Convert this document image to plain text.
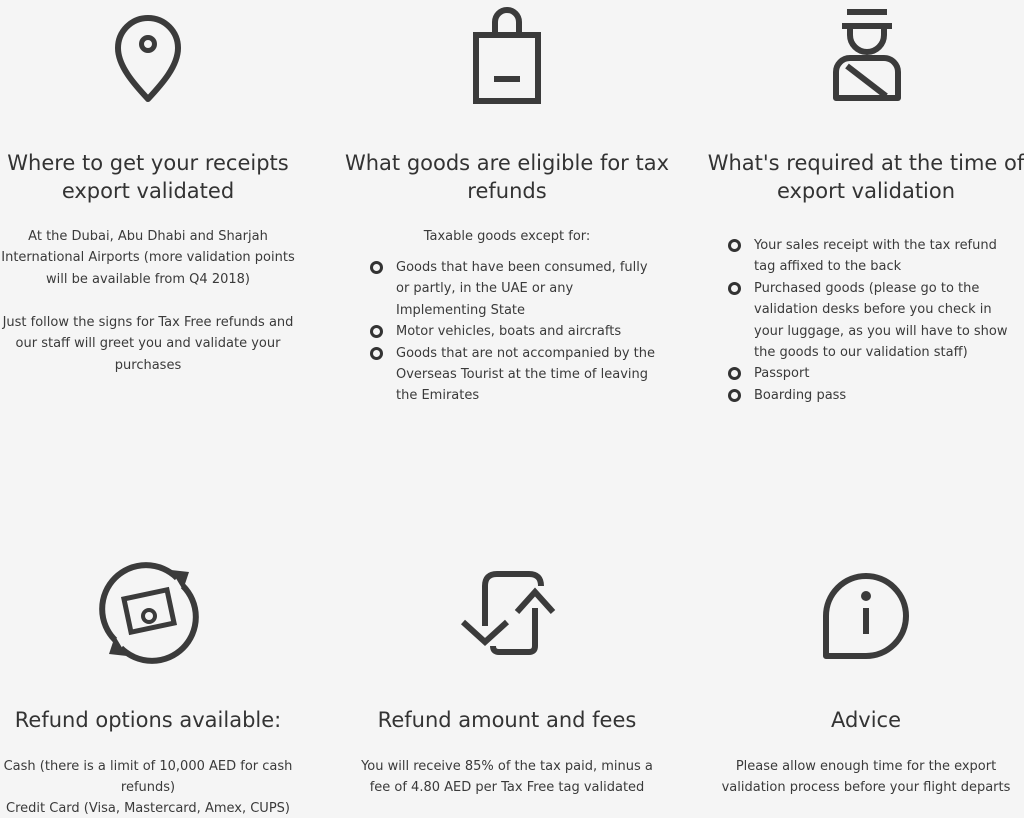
Where to get your receipts
export validated

At the Dubai, Abu Dhabi and Sharjah

International Airports (more validation points

will be available from Q4 2018)

Just follow the signs for Tax Free refunds and

our staff will greet you and validate your

purchases

What goods are eligible for tax
refunds

Taxable goods except for:

Goods that have been consumed, fully
or partly, in the UAE or any
Implementing State
Motor vehicles, boats and aircrafts
Goods that are not accompanied by the
Overseas Tourist at the time of leaving
the Emirates
What's required at the time of
export validation
Your sales receipt with the tax refund
tag affixed to the back
Purchased goods (please go to the
validation desks before you check in
your luggage, as you will have to show
the goods to our validation staff)
Passport
Boarding pass
Refund options available:

Cash (there is a limit of 10,000 AED for cash

refunds)

Credit Card (Visa, Mastercard, Amex, CUPS)

Refund amount and fees

You will receive 85% of the tax paid, minus a

fee of 4.80 AED per Tax Free tag validated

Advice

Please allow enough time for the export

validation process before your flight departs
